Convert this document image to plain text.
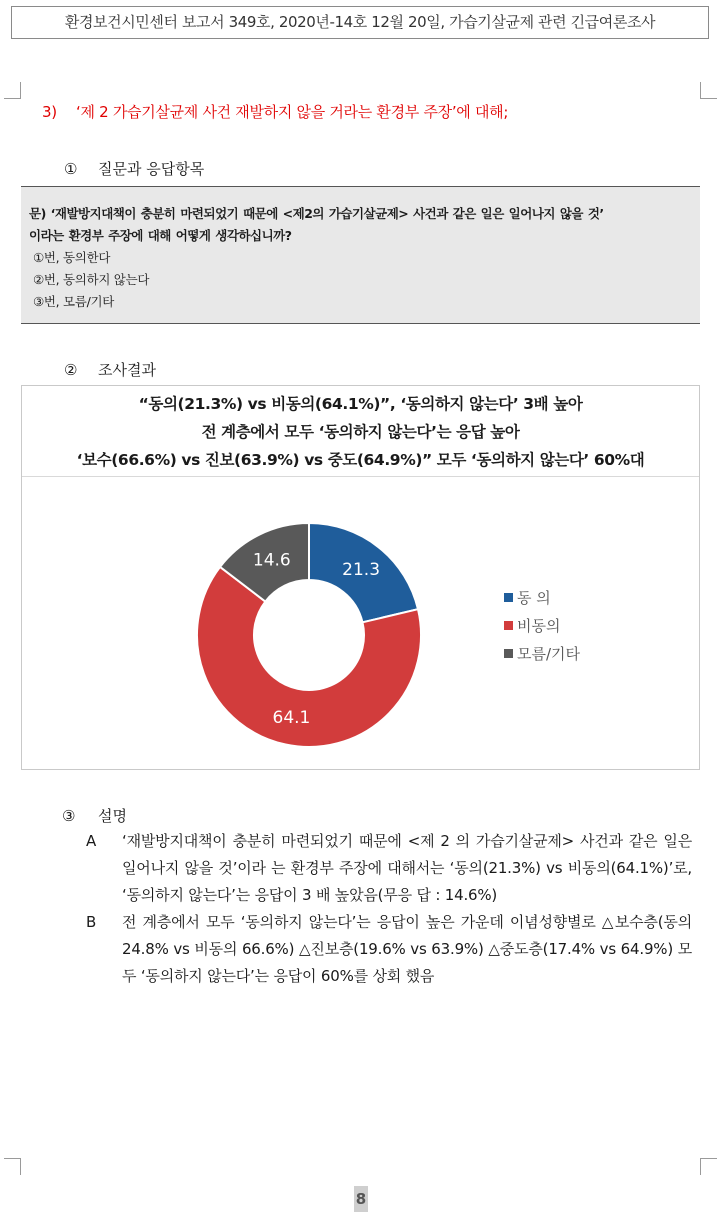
환경보건시민센터 보고서 349호, 2020년-14호 12월 20일, 가습기살균제 관련 긴급여론조사
3) ‘제 2 가습기살균제 사건 재발하지 않을 거라는 환경부 주장’에 대해;
① 질문과 응답항목
문) ‘재발방지대책이 충분히 마련되었기 때문에 <제2의 가습기살균제> 사건과 같은 일은 일어나지 않을 것’
이라는 환경부 주장에 대해 어떻게 생각하십니까?
①번, 동의한다
②번, 동의하지 않는다
③번, 모름/기타
② 조사결과
“동의(21.3%) vs 비동의(64.1%)”, ‘동의하지 않는다’ 3배 높아
전 계층에서 모두 ‘동의하지 않는다’는 응답 높아
‘보수(66.6%) vs 진보(63.9%) vs 중도(64.9%)” 모두 ‘동의하지 않는다’ 60%대
21.3
64.1
14.6
동 의
비동의
모름/기타
③ 설명
A ‘재발방지대책이 충분히 마련되었기 때문에 <제 2 의 가습기살균제> 사건과 같은 일은 일어나지 않을 것’이라 는 환경부 주장에 대해서는 ‘동의(21.3%) vs 비동의(64.1%)’로, ‘동의하지 않는다’는 응답이 3 배 높았음(무응 답 : 14.6%)
B 전 계층에서 모두 ‘동의하지 않는다’는 응답이 높은 가운데 이념성향별로 △보수층(동의 24.8% vs 비동의 66.6%) △진보층(19.6% vs 63.9%) △중도층(17.4% vs 64.9%) 모두 ‘동의하지 않는다’는 응답이 60%를 상회 했음
8
